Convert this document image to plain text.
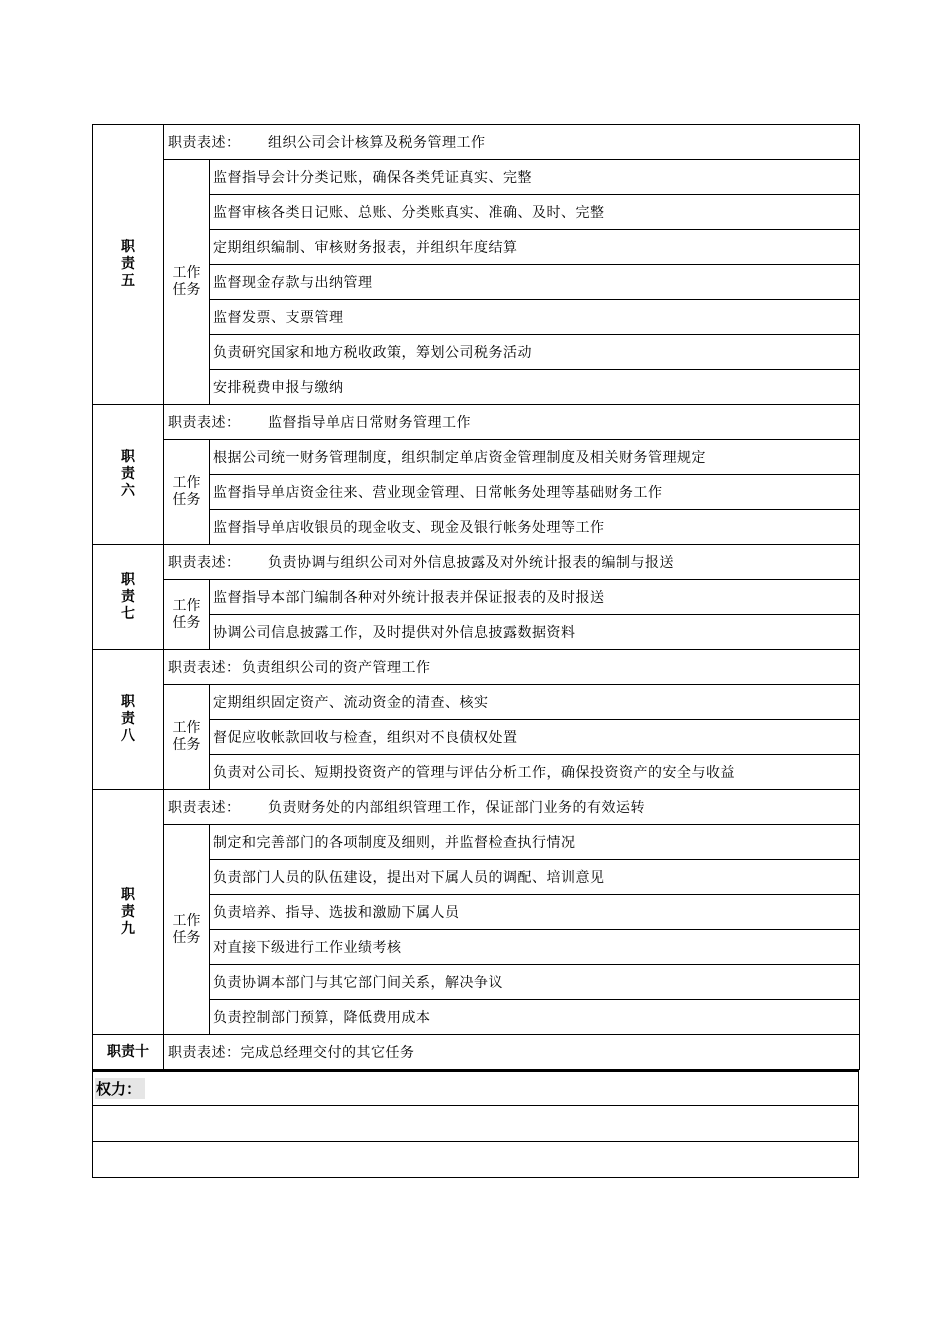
职责五	职责表述： 组织公司会计核算及税务管理工作	
	工作任务	监督指导会计分类记账，确保各类凭证真实、完整
		监督审核各类日记账、总账、分类账真实、准确、及时、完整
		定期组织编制、审核财务报表，并组织年度结算
		监督现金存款与出纳管理
		监督发票、支票管理
		负责研究国家和地方税收政策，筹划公司税务活动
		安排税费申报与缴纳
职责六	职责表述： 监督指导单店日常财务管理工作	
	工作任务	根据公司统一财务管理制度，组织制定单店资金管理制度及相关财务管理规定
		监督指导单店资金往来、营业现金管理、日常帐务处理等基础财务工作
		监督指导单店收银员的现金收支、现金及银行帐务处理等工作
职责七	职责表述： 负责协调与组织公司对外信息披露及对外统计报表的编制与报送	
	工作任务	监督指导本部门编制各种对外统计报表并保证报表的及时报送
		协调公司信息披露工作，及时提供对外信息披露数据资料
职责八	职责表述： 负责组织公司的资产管理工作	
	工作任务	定期组织固定资产、流动资金的清查、核实
		督促应收帐款回收与检查，组织对不良债权处置
		负责对公司长、短期投资资产的管理与评估分析工作，确保投资资产的安全与收益
职责九	职责表述： 负责财务处的内部组织管理工作，保证部门业务的有效运转	
	工作任务	制定和完善部门的各项制度及细则，并监督检查执行情况
		负责部门人员的队伍建设，提出对下属人员的调配、培训意见
		负责培养、指导、选拔和激励下属人员
		对直接下级进行工作业绩考核
		负责协调本部门与其它部门间关系，解决争议
		负责控制部门预算，降低费用成本
职责十	职责表述：完成总经理交付的其它任务	
权力：
